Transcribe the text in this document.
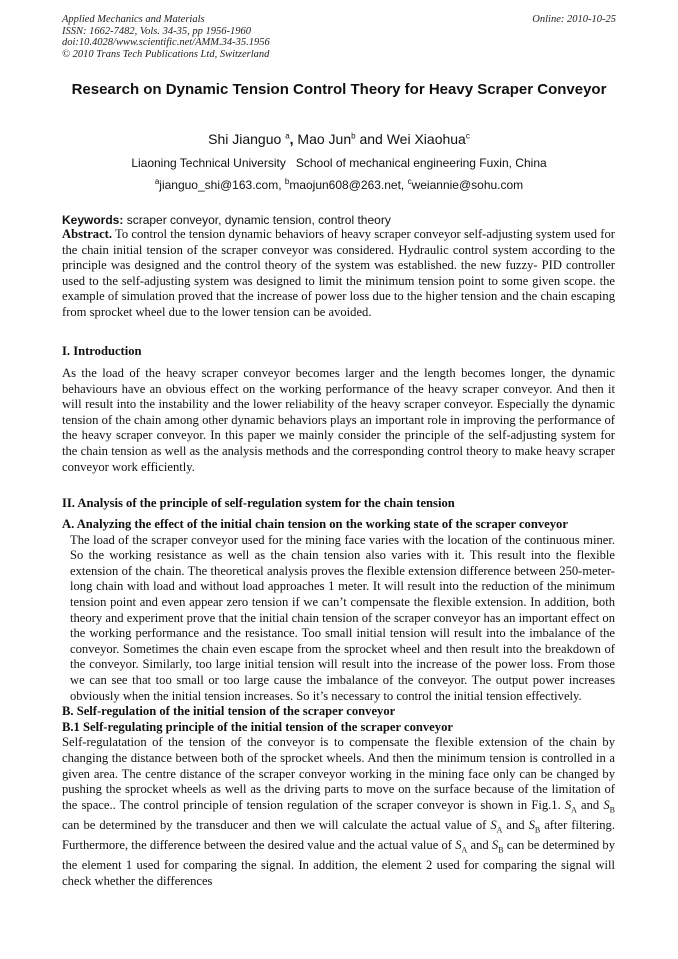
Applied Mechanics and Materials
ISSN: 1662-7482, Vols. 34-35, pp 1956-1960
doi:10.4028/www.scientific.net/AMM.34-35.1956
© 2010 Trans Tech Publications Ltd, Switzerland
Online: 2010-10-25
Research on Dynamic Tension Control Theory for Heavy Scraper Conveyor
Shi Jianguo $^a$, Mao Jun$^b$ and Wei Xiaohua$^c$
Liaoning Technical University   School of mechanical engineering Fuxin, China
$^a$jianguo_shi@163.com, $^b$maojun608@263.net, $^c$weiannie@sohu.com
Keywords: scraper conveyor, dynamic tension, control theory
Abstract. To control the tension dynamic behaviors of heavy scraper conveyor self-adjusting system used for the chain initial tension of the scraper conveyor was considered. Hydraulic control system according to the principle was designed and the control theory of the system was established. the new fuzzy- PID controller used to the self-adjusting system was designed to limit the minimum tension point to some given scope. the example of simulation proved that the increase of power loss due to the higher tension and the chain escaping from sprocket wheel due to the lower tension can be avoided.
I. Introduction
As the load of the heavy scraper conveyor becomes larger and the length becomes longer, the dynamic behaviours have an obvious effect on the working performance of the heavy scraper conveyor. And then it will result into the instability and the lower reliability of the heavy scraper conveyor. Especially the dynamic tension of the chain among other dynamic behaviors plays an important role in improving the performance of the heavy scraper conveyor. In this paper we mainly consider the principle of the self-adjusting system for the chain tension as well as the analysis methods and the corresponding control theory to make heavy scraper conveyor work efficiently.
II. Analysis of the principle of self-regulation system for the chain tension
A. Analyzing the effect of the initial chain tension on the working state of the scraper conveyor
The load of the scraper conveyor used for the mining face varies with the location of the continuous miner. So the working resistance as well as the chain tension also varies with it. This result into the flexible extension of the chain. The theoretical analysis proves the flexible extension difference between 250-meter-long chain with load and without load approaches 1 meter. It will result into the reduction of the minimum tension point and even appear zero tension if we can’t compensate the flexible extension. In addition, both theory and experiment prove that the initial chain tension of the scraper conveyor has an important effect on the working performance and the resistance. Too small initial tension will result into the imbalance of the conveyor. Sometimes the chain even escape from the sprocket wheel and then result into the breakdown of the conveyor. Similarly, too large initial tension will result into the increase of the power loss. From those we can see that too small or too large cause the imbalance of the conveyor. The output power increases obviously when the initial tension increases. So it’s necessary to control the initial tension effectively.
B. Self-regulation of the initial tension of the scraper conveyor
B.1 Self-regulating principle of the initial tension of the scraper conveyor
Self-regulatation of the tension of the conveyor is to compensate the flexible extension of the chain by changing the distance between both of the sprocket wheels. And then the minimum tension is controlled in a given area. The centre distance of the scraper conveyor working in the mining face only can be changed by pushing the sprocket wheels as well as the driving parts to move on the surface because of the limitation of the space.. The control principle of tension regulation of the scraper conveyor is shown in Fig.1. $S_A$ and $S_B$ can be determined by the transducer and then we will calculate the actual value of $S_A$ and $S_B$ after filtering. Furthermore, the difference between the desired value and the actual value of $S_A$ and $S_B$ can be determined by the element 1 used for comparing the signal. In addition, the element 2 used for comparing the signal will check whether the differences
